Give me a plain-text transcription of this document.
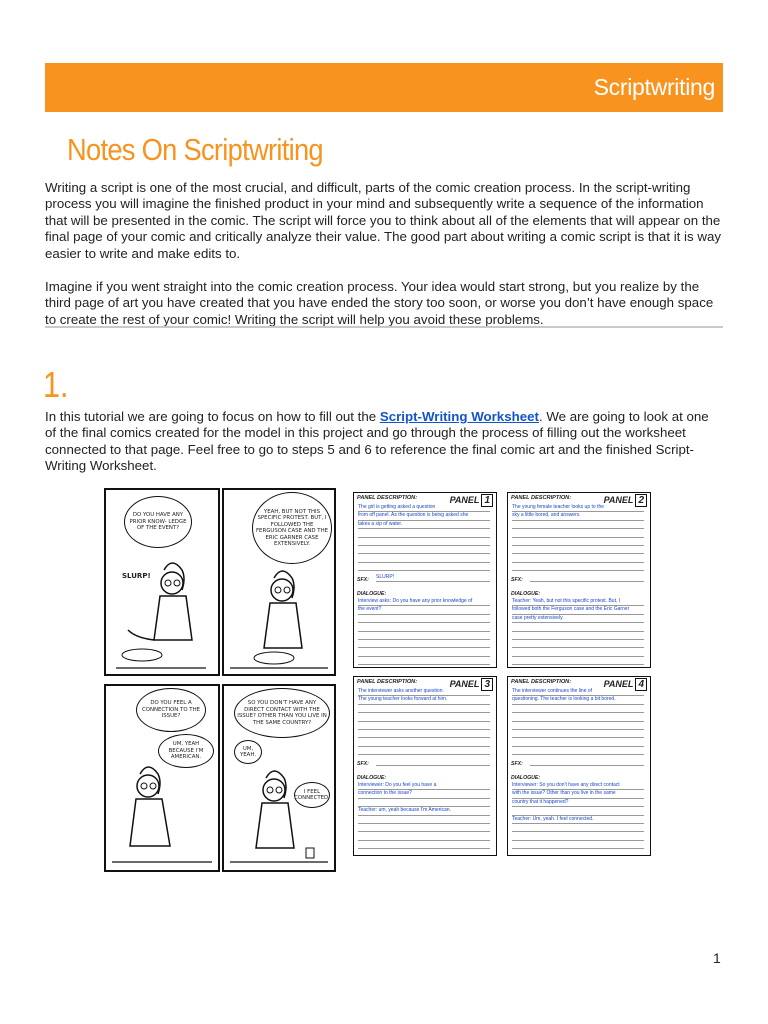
Scriptwriting
Notes On Scriptwriting

Writing a script is one of the most crucial, and difficult, parts of the comic creation process. In the script-writing process you will imagine the finished product in your mind and subsequently write a sequence of the information that will be presented in the comic. The script will force you to think about all of the elements that will appear on the final page of your comic and critically analyze their value. The good part about writing a comic script is that it is way easier to write and make edits to.

Imagine if you went straight into the comic creation process. Your idea would start strong, but you realize by the third page of art you have created that you have ended the story too soon, or worse you don’t have enough space to create the rest of your comic! Writing the script will help you avoid these problems.

1.

In this tutorial we are going to focus on how to fill out the Script-Writing Worksheet. We are going to look at one of the final comics created for the model in this project and go through the process of filling out the worksheet connected to that page. Feel free to go to steps 5 and 6 to reference the final comic art and the finished Script-Writing Worksheet.

DO YOU HAVE ANY PRIOR KNOW- LEDGE OF THE EVENT?
SLURP!
YEAH, BUT NOT THIS SPECIFIC PROTEST. BUT, I FOLLOWED THE FERGUSON CASE AND THE ERIC GARNER CASE EXTENSIVELY.
DO YOU FEEL A CONNECTION TO THE ISSUE?
UM, YEAH BECAUSE I'M AMERICAN.
SO YOU DON'T HAVE ANY DIRECT CONTACT WITH THE ISSUE? OTHER THAN YOU LIVE IN THE SAME COUNTRY?
UM, YEAH.
I FEEL CONNECTED.
PANEL DESCRIPTION:	PANEL 1
The girl is getting asked a question
from off panel. As the question is being asked she
takes a sip of water.
SFX: SLURP!
DIALOGUE:
Interview asks: Do you have any prior knowledge of
the event?
PANEL DESCRIPTION:	PANEL 2
The young female teacher looks up to the
sky a little bored, and answers.
SFX:
DIALOGUE:
Teacher: Yeah, but not this specific protest. But, I
followed both the Ferguson case and the Eric Garner
case pretty extensively.
PANEL DESCRIPTION:	PANEL 3
The interviewer asks another question.
The young teacher looks forward at him.
SFX:
DIALOGUE:
Interviewer: Do you feel you have a
connection to the issue?
Teacher: um, yeah because I'm American.
PANEL DESCRIPTION:	PANEL 4
The interviewer continues the line of
questioning. The teacher is looking a bit bored.
SFX:
DIALOGUE:
Interviewer: So you don't have any direct contact
with the issue? Other than you live in the same
country that it happened?
Teacher: Um, yeah. I feel connected.
1
